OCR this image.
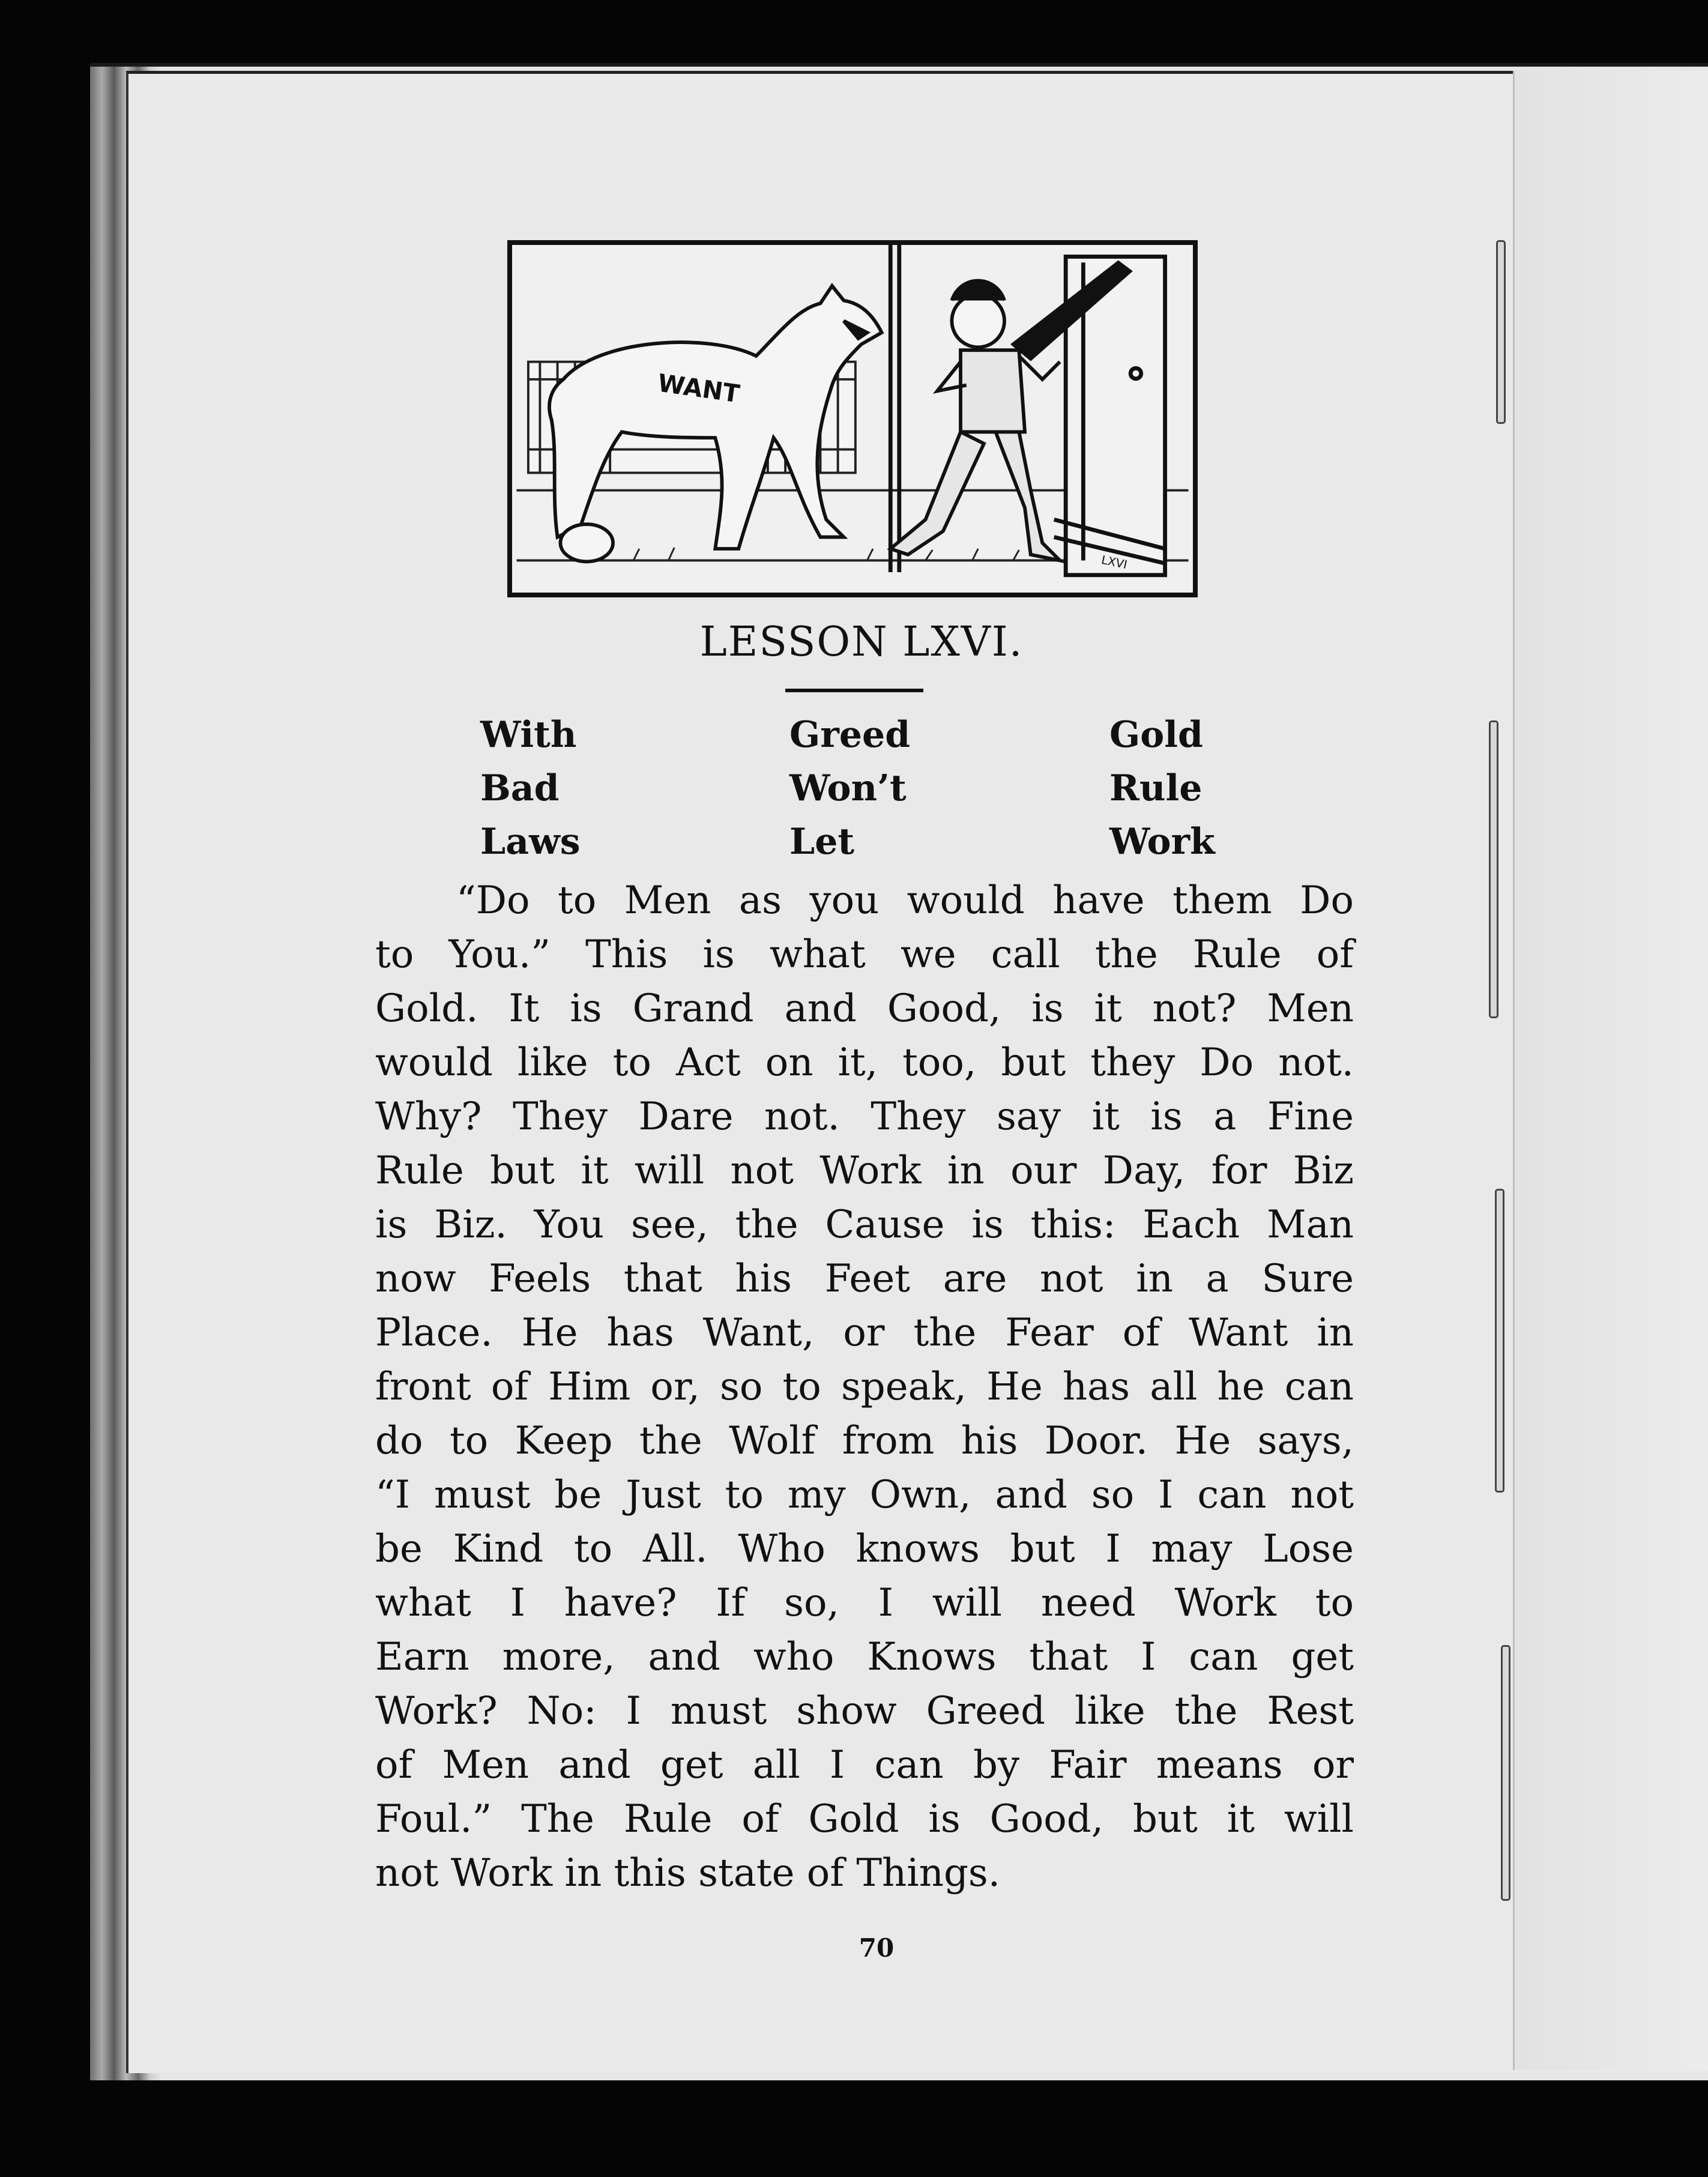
WANT
LXVI
LESSON LXVI.
With
Bad
Laws
Greed
Won’t
Let
Gold
Rule
Work
“Do to Men as you would have them Do
to You.” This is what we call the Rule of
Gold. It is Grand and Good, is it not? Men
would like to Act on it, too, but they Do not.
Why? They Dare not. They say it is a Fine
Rule but it will not Work in our Day, for Biz
is Biz. You see, the Cause is this: Each Man
now Feels that his Feet are not in a Sure
Place. He has Want, or the Fear of Want in
front of Him or, so to speak, He has all he can
do to Keep the Wolf from his Door. He says,
“I must be Just to my Own, and so I can not
be Kind to All. Who knows but I may Lose
what I have? If so, I will need Work to
Earn more, and who Knows that I can get
Work? No: I must show Greed like the Rest
of Men and get all I can by Fair means or
Foul.” The Rule of Gold is Good, but it will
not Work in this state of Things.
70
